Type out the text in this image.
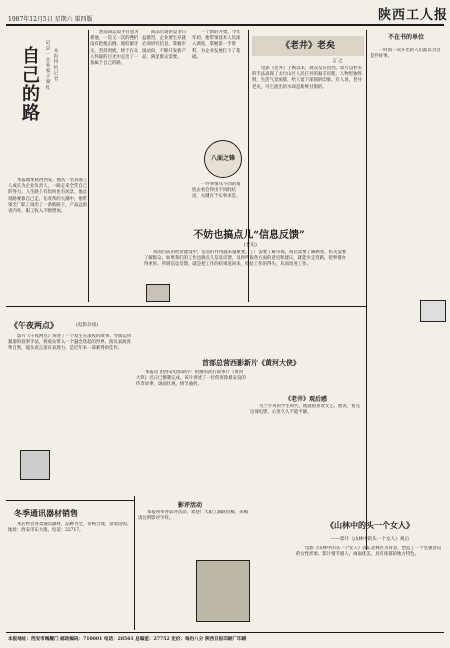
1987年12月5日 星期六 第四版	陕西工人报
自己的路	记京一企业家子梁红 本报特约记者
本报地址陕西西安。他从一名普通工人成长为企业负责人，一路走来全凭自己的努力。人生路上有坎坷也有风景，他总说路要靠自己走。在改革的大潮中，他带领全厂职工闯出了一条新路子，产品远销省内外，职工收入不断增加。
然而命运似乎有意为难他，一次又一次的挫折没有把他击倒。他咬紧牙关，坚持到底，终于在众人怀疑的目光中走出了一条属于自己的路。
商品市场的竞争日益激烈，企业要生存就必须讲究信息，掌握市场动向，不断开发新产品，满足群众需要。
一个新的开始。今年年初，他带领技术人员深入调查，掌握第一手资料，为企业发展打下了基础。
八面之锋
一件事情从不同的角度去看会得出不同的结论，关键在于实事求是。
《老井》老矣
言 之
电影《老井》上映以来，观众反应热烈。影片以朴实的手法表现了太行山区人民打井的艰辛历程，人物形象鲜明，生活气息浓郁，给人留下深刻的印象。有人说，老井老矣，可它流出的水却是新鲜甘甜的。
不在书的单位
一时间一次开出的人们都以为这是件好事。
《午夜两点》	(电影杂谈)
影片《午夜两点》讲述了一个发生在深夜的故事。导演运用紧凑的叙事手法，将观众带入一个悬念迭起的世界。演员表演真挚自然，镜头语言富有表现力，是近年来一部难得的佳作。
不妨也搞点儿“信息反馈”
(老史)
我国目前的经济建设中，信息的作用越来越重要。工厂需要了解市场，商店需要了解顾客，机关需要了解群众。如果我们的工作也搞点儿信息反馈，及时听取各方面的意见和建议，就能少走弯路，把事情办得更好。所谓信息反馈，就是把工作的结果返回来，检验工作的得失，从而改进工作。
首部总营西影新片《黄河大侠》
本报讯 由西安电影制片厂拍摄的武打故事片《黄河大侠》近日已摄制完成。该片讲述了一位侠客除暴安良的传奇故事，场面壮观，情节曲折。
《老井》观后感
乌兰字说的学生时代，他就很喜欢文艺。他说，看完这部电影，心里久久不能平静。
《山林中的头一个女人》
——影片《山林中的头一个女人》观后
电影《山林中的头一个女人》以东北林区为背景，塑造了一个坚强善良的女性形象。影片情节感人，画面优美，具有浓郁的地方特色。
冬季通讯器材销售
本店经营各类通讯器材，品种齐全，价格合理，欢迎选购。地址：西安市东大街。电话：22717。
影评活动
本报将举办影评活动，欢迎广大职工踊跃投稿，来稿请注明影评字样。
本报地址：西安市端履门 邮政编码：710001 电话：28561 总编室：27752 定价：每份八分 陕西日报印刷厂印刷
